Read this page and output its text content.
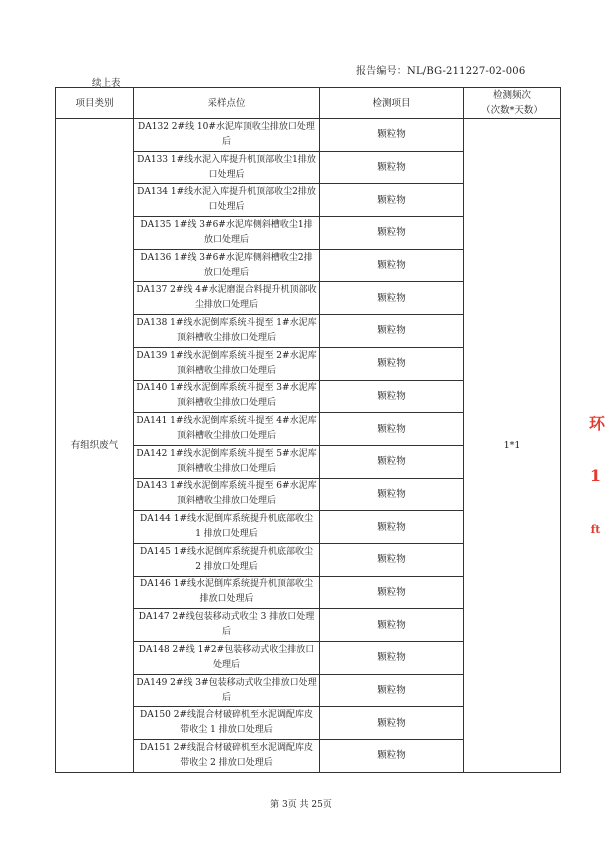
报告编号：NL/BG-211227-02-006
续上表
项目类别	采样点位	检测项目	检测频次
（次数*天数）
有组织废气	DA132 2#线 10#水泥库顶收尘排放口处理后	颗粒物	1*1
	DA133 1#线水泥入库提升机顶部收尘1排放口处理后	颗粒物	
	DA134 1#线水泥入库提升机顶部收尘2排放口处理后	颗粒物	
	DA135 1#线 3#6#水泥库侧斜槽收尘1排放口处理后	颗粒物	
	DA136 1#线 3#6#水泥库侧斜槽收尘2排放口处理后	颗粒物	
	DA137 2#线 4#水泥磨混合料提升机顶部收尘排放口处理后	颗粒物	
	DA138 1#线水泥倒库系统斗提至 1#水泥库顶斜槽收尘排放口处理后	颗粒物	
	DA139 1#线水泥倒库系统斗提至 2#水泥库顶斜槽收尘排放口处理后	颗粒物	
	DA140 1#线水泥倒库系统斗提至 3#水泥库顶斜槽收尘排放口处理后	颗粒物	
	DA141 1#线水泥倒库系统斗提至 4#水泥库顶斜槽收尘排放口处理后	颗粒物	
	DA142 1#线水泥倒库系统斗提至 5#水泥库顶斜槽收尘排放口处理后	颗粒物	
	DA143 1#线水泥倒库系统斗提至 6#水泥库顶斜槽收尘排放口处理后	颗粒物	
	DA144 1#线水泥倒库系统提升机底部收尘 1 排放口处理后	颗粒物	
	DA145 1#线水泥倒库系统提升机底部收尘 2 排放口处理后	颗粒物	
	DA146 1#线水泥倒库系统提升机顶部收尘排放口处理后	颗粒物	
	DA147 2#线包装移动式收尘 3 排放口处理后	颗粒物	
	DA148 2#线 1#2#包装移动式收尘排放口处理后	颗粒物	
	DA149 2#线 3#包装移动式收尘排放口处理后	颗粒物	
	DA150 2#线混合材破碎机至水泥调配库皮带收尘 1 排放口处理后	颗粒物	
	DA151 2#线混合材破碎机至水泥调配库皮带收尘 2 排放口处理后	颗粒物	
第 3页 共 25页
环
1
ft
